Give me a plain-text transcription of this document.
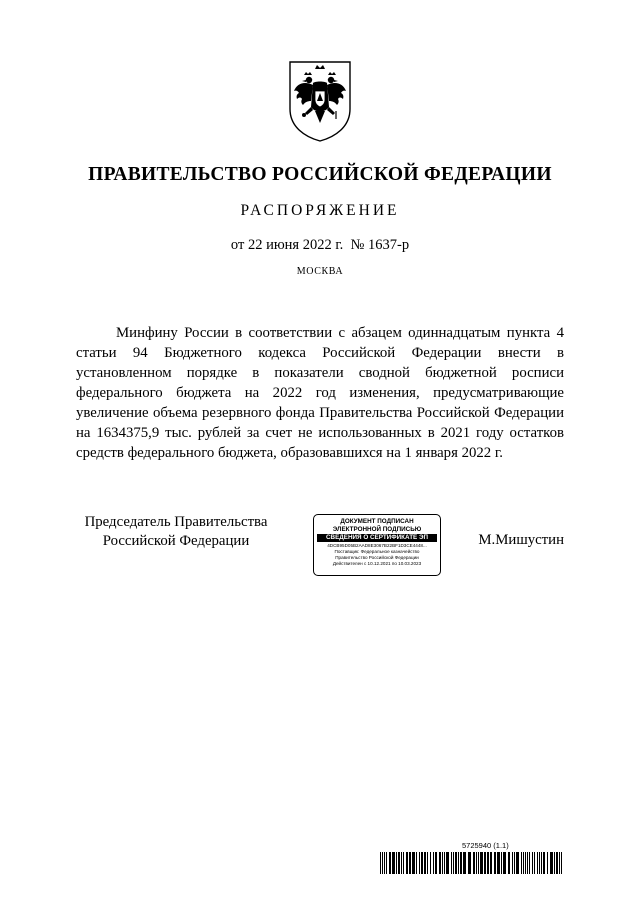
ПРАВИТЕЛЬСТВО РОССИЙСКОЙ ФЕДЕРАЦИИ
РАСПОРЯЖЕНИЕ
от 22 июня 2022 г.  № 1637-р
МОСКВА
Минфину России в соответствии с абзацем одиннадцатым пункта 4 статьи 94 Бюджетного кодекса Российской Федерации внести в установленном порядке в показатели сводной бюджетной росписи федерального бюджета на 2022 год изменения, предусматривающие увеличение объема резервного фонда Правительства Российской Федерации на 1634375,9 тыс. рублей за счет не использованных в 2021 году остатков средств федерального бюджета, образовавшихся на 1 января 2022 г.
Председатель Правительства
Российской Федерации
ДОКУМЕНТ ПОДПИСАН
ЭЛЕКТРОННОЙ ПОДПИСЬЮ
СВЕДЕНИЯ О СЕРТИФИКАТЕ ЭП
4DCB95D05B2AAD8E3067B22BF1D3CE4448...
Поставщик: Федеральное казначейство
Правительство Российской Федерации
Действителен с 10.12.2021 по 10.03.2023
М.Мишустин
5725940 (1.1)
